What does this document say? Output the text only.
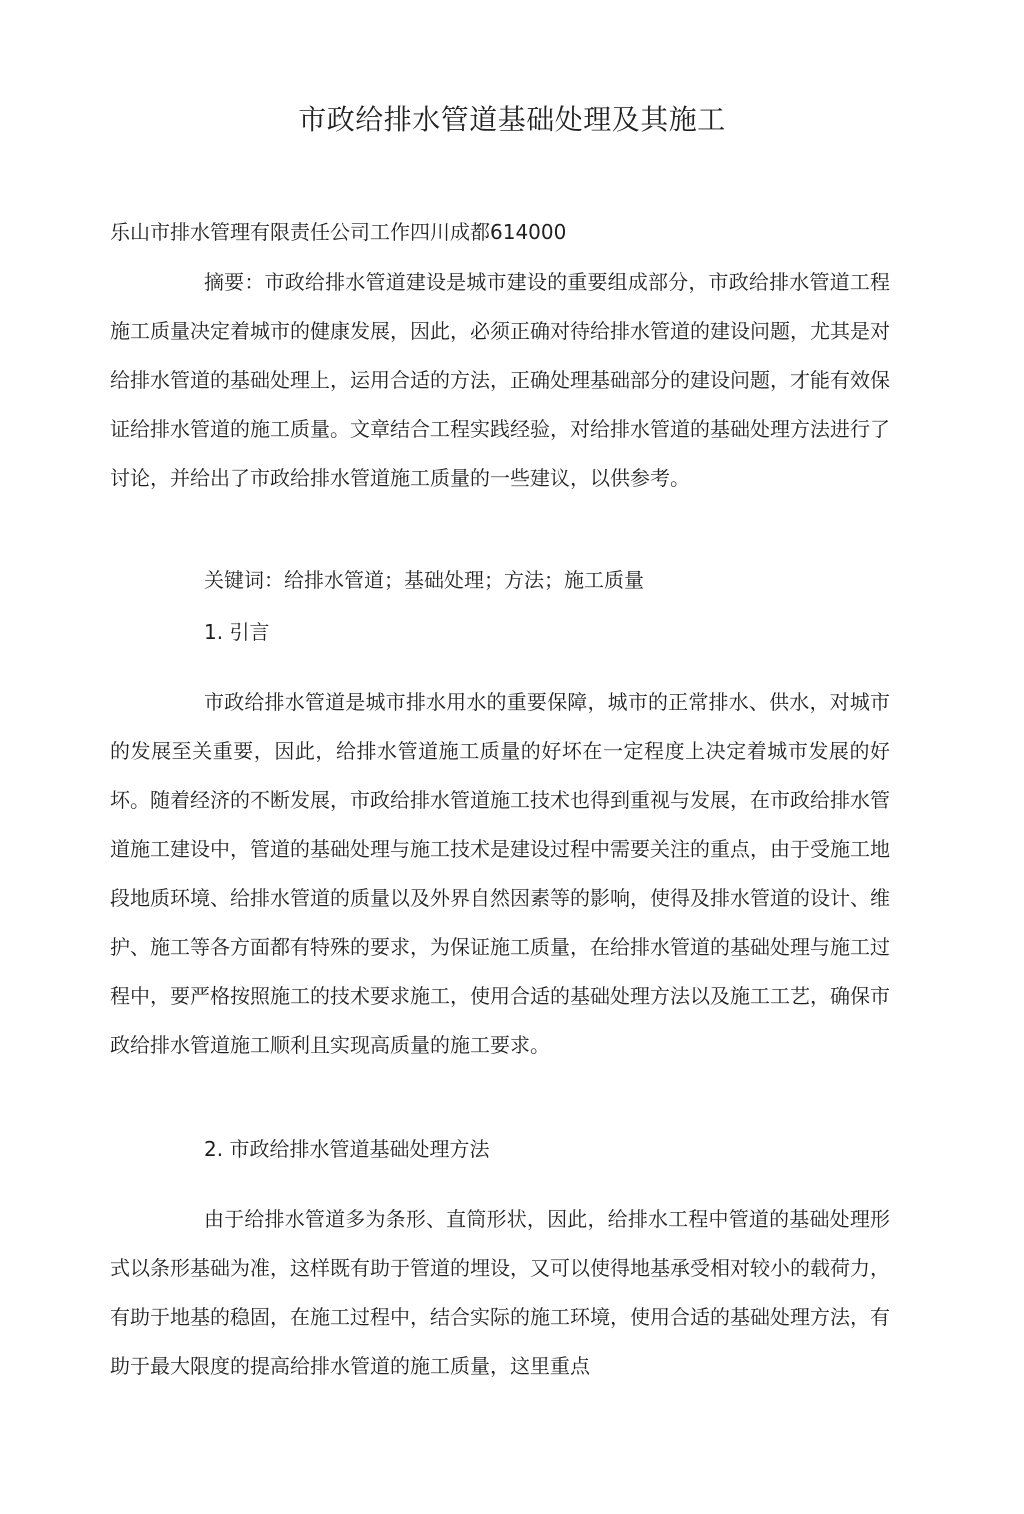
市政给排水管道基础处理及其施工

乐山市排水管理有限责任公司工作四川成都614000

摘要：市政给排水管道建设是城市建设的重要组成部分，市政给排水管道工程施工质量决定着城市的健康发展，因此，必须正确对待给排水管道的建设问题，尤其是对给排水管道的基础处理上，运用合适的方法，正确处理基础部分的建设问题，才能有效保证给排水管道的施工质量。文章结合工程实践经验，对给排水管道的基础处理方法进行了讨论，并给出了市政给排水管道施工质量的一些建议，以供参考。

关键词：给排水管道；基础处理；方法；施工质量

1. 引言

市政给排水管道是城市排水用水的重要保障，城市的正常排水、供水，对城市的发展至关重要，因此，给排水管道施工质量的好坏在一定程度上决定着城市发展的好坏。随着经济的不断发展，市政给排水管道施工技术也得到重视与发展，在市政给排水管道施工建设中，管道的基础处理与施工技术是建设过程中需要关注的重点，由于受施工地段地质环境、给排水管道的质量以及外界自然因素等的影响，使得及排水管道的设计、维护、施工等各方面都有特殊的要求，为保证施工质量，在给排水管道的基础处理与施工过程中，要严格按照施工的技术要求施工，使用合适的基础处理方法以及施工工艺，确保市政给排水管道施工顺利且实现高质量的施工要求。

2. 市政给排水管道基础处理方法

由于给排水管道多为条形、直筒形状，因此，给排水工程中管道的基础处理形式以条形基础为准，这样既有助于管道的埋设，又可以使得地基承受相对较小的载荷力，有助于地基的稳固，在施工过程中，结合实际的施工环境，使用合适的基础处理方法，有助于最大限度的提高给排水管道的施工质量，这里重点
